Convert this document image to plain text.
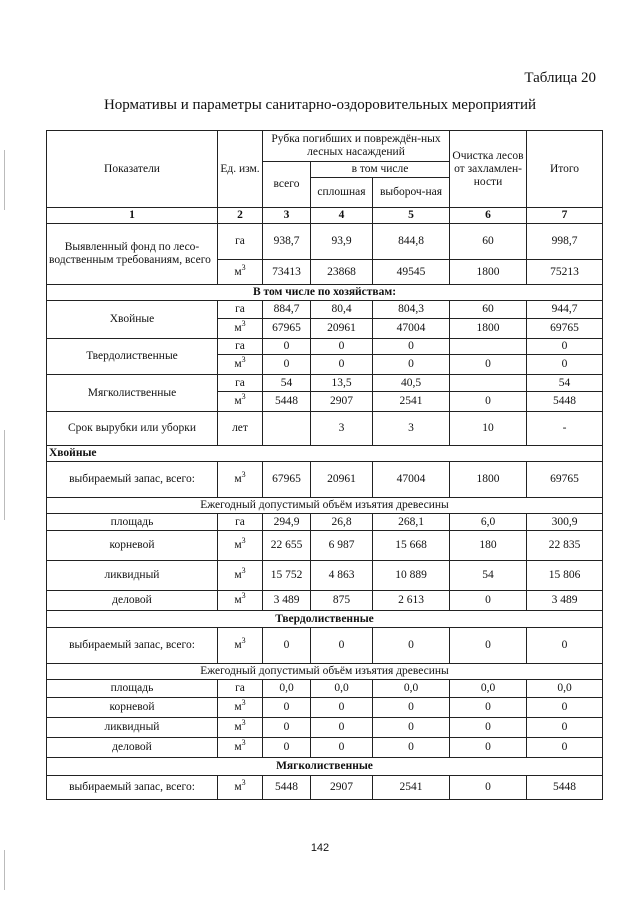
Таблица 20
Нормативы и параметры санитарно-оздоровительных мероприятий
Показатели	Ед. изм.	Рубка погибших и повреждён-ных лесных насаждений			Очистка лесов от захламлен-ности	Итого
		всего	в том числе			
			сплошная	выбороч-ная		
1	2	3	4	5	6	7
Выявленный фонд по лесо-водственным требованиям, всего	га	938,7	93,9	844,8	60	998,7
	$м^3$	73413	23868	49545	1800	75213
В том числе по хозяйствам:						
Хвойные	га	884,7	80,4	804,3	60	944,7
	$м^3$	67965	20961	47004	1800	69765
Твердолиственные	га	0	0	0		0
	$м^3$	0	0	0	0	0
Мягколиственные	га	54	13,5	40,5		54
	$м^3$	5448	2907	2541	0	5448
Срок вырубки или уборки	лет		3	3	10	-
Хвойные						
выбираемый запас, всего:	$м^3$	67965	20961	47004	1800	69765
Ежегодный допустимый объём изъятия древесины						
площадь	га	294,9	26,8	268,1	6,0	300,9
корневой	$м^3$	22 655	6 987	15 668	180	22 835
ликвидный	$м^3$	15 752	4 863	10 889	54	15 806
деловой	$м^3$	3 489	875	2 613	0	3 489
Твердолиственные						
выбираемый запас, всего:	$м^3$	0	0	0	0	0
Ежегодный допустимый объём изъятия древесины						
площадь	га	0,0	0,0	0,0	0,0	0,0
корневой	$м^3$	0	0	0	0	0
ликвидный	$м^3$	0	0	0	0	0
деловой	$м^3$	0	0	0	0	0
Мягколиственные						
выбираемый запас, всего:	$м^3$	5448	2907	2541	0	5448
142
